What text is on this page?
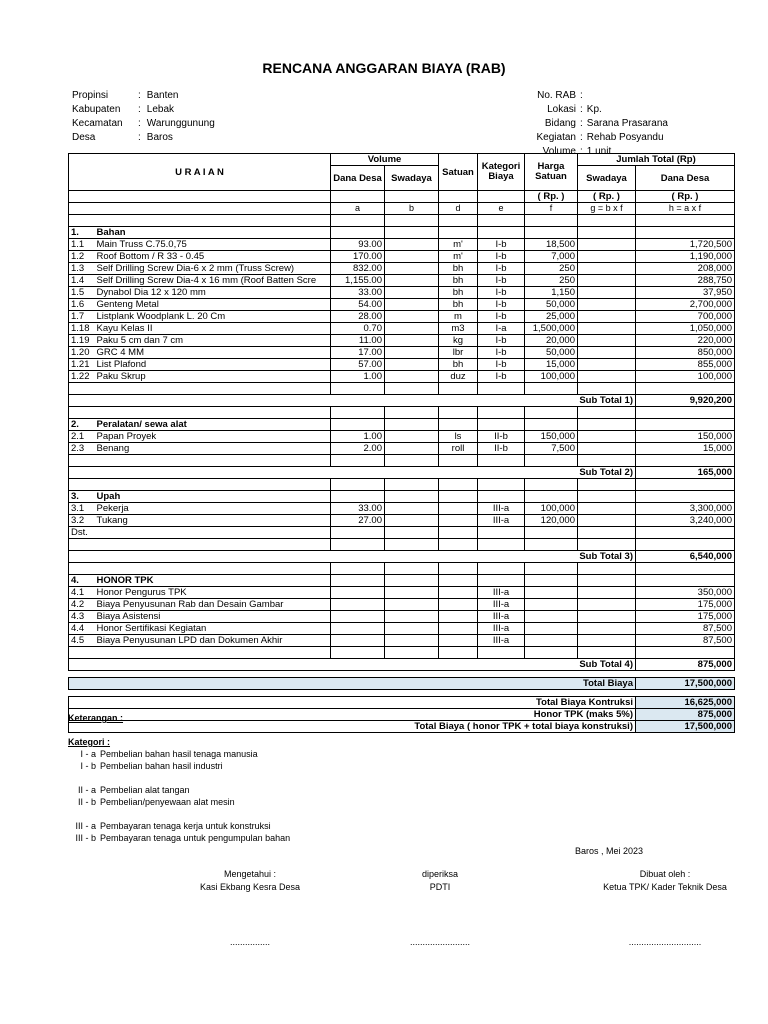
RENCANA ANGGARAN BIAYA (RAB)
Propinsi	:	Banten
Kabupaten	:	Lebak
Kecamatan	:	Warunggunung
Desa	:	Baros
No. RAB	:	
Lokasi	:	Kp.
Bidang	:	Sarana Prasarana
Kegiatan	:	Rehab Posyandu
Volume	:	1 unit
U R A I A N		Volume		Satuan	Kategori Biaya	Harga Satuan	Jumlah Total (Rp)	
		Dana Desa	Swadaya				Swadaya	Dana Desa
						( Rp. )	( Rp. )	( Rp. )
		a	b	d	e	f	g = b x f	h = a x f

1.	Bahan							
1.1	Main Truss C.75.0,75	93.00		m'	I-b	18,500		1,720,500
1.2	Roof Bottom / R 33 - 0.45	170.00		m'	I-b	7,000		1,190,000
1.3	Self Drilling Screw Dia-6 x 2 mm (Truss Screw)	832.00		bh	I-b	250		208,000
1.4	Self Drilling Screw Dia-4 x 16 mm (Roof Batten Scre	1,155.00		bh	I-b	250		288,750
1.5	Dynabol Dia 12 x 120 mm	33.00		bh	I-b	1,150		37,950
1.6	Genteng Metal	54.00		bh	I-b	50,000		2,700,000
1.7	Listplank Woodplank L. 20 Cm	28.00		m	I-b	25,000		700,000
1.18	Kayu Kelas II	0.70		m3	I-a	1,500,000		1,050,000
1.19	Paku 5 cm dan 7 cm	11.00		kg	I-b	20,000		220,000
1.20	GRC 4 MM	17.00		lbr	I-b	50,000		850,000
1.21	List Plafond	57.00		bh	I-b	15,000		855,000
1.22	Paku Skrup	1.00		duz	I-b	100,000		100,000

Sub Total 1)								9,920,200

2.	Peralatan/ sewa alat							
2.1	Papan Proyek	1.00		ls	II-b	150,000		150,000
2.3	Benang	2.00		roll	II-b	7,500		15,000

Sub Total 2)								165,000

3.	Upah							
3.1	Pekerja	33.00			III-a	100,000		3,300,000
3.2	Tukang	27.00			III-a	120,000		3,240,000
Dst.								

Sub Total 3)								6,540,000

4.	HONOR TPK							
4.1	Honor Pengurus TPK				III-a			350,000
4.2	Biaya Penyusunan Rab dan Desain Gambar				III-a			175,000
4.3	Biaya Asistensi				III-a			175,000
4.4	Honor Sertifikasi Kegiatan				III-a			87,500
4.5	Biaya Penyusunan LPD dan Dokumen Akhir				III-a			87,500

Sub Total 4)								875,000

Total Biaya								17,500,000

Total Biaya Kontruksi								16,625,000
Honor TPK (maks 5%)								875,000
Total Biaya ( honor TPK + total biaya konstruksi)								17,500,000
Keterangan :
Kategori :
I - a Pembelian bahan hasil tenaga manusia
I - b Pembelian bahan hasil industri
II - a Pembelian alat tangan
II - b Pembelian/penyewaan alat mesin
III - a Pembayaran tenaga kerja untuk konstruksi
III - b Pembayaran tenaga untuk pengumpulan bahan
Baros , Mei 2023
Mengetahui :
Kasi Ekbang Kesra Desa
................
diperiksa
PDTI
........................
Dibuat oleh :
Ketua TPK/ Kader Teknik Desa
.............................
